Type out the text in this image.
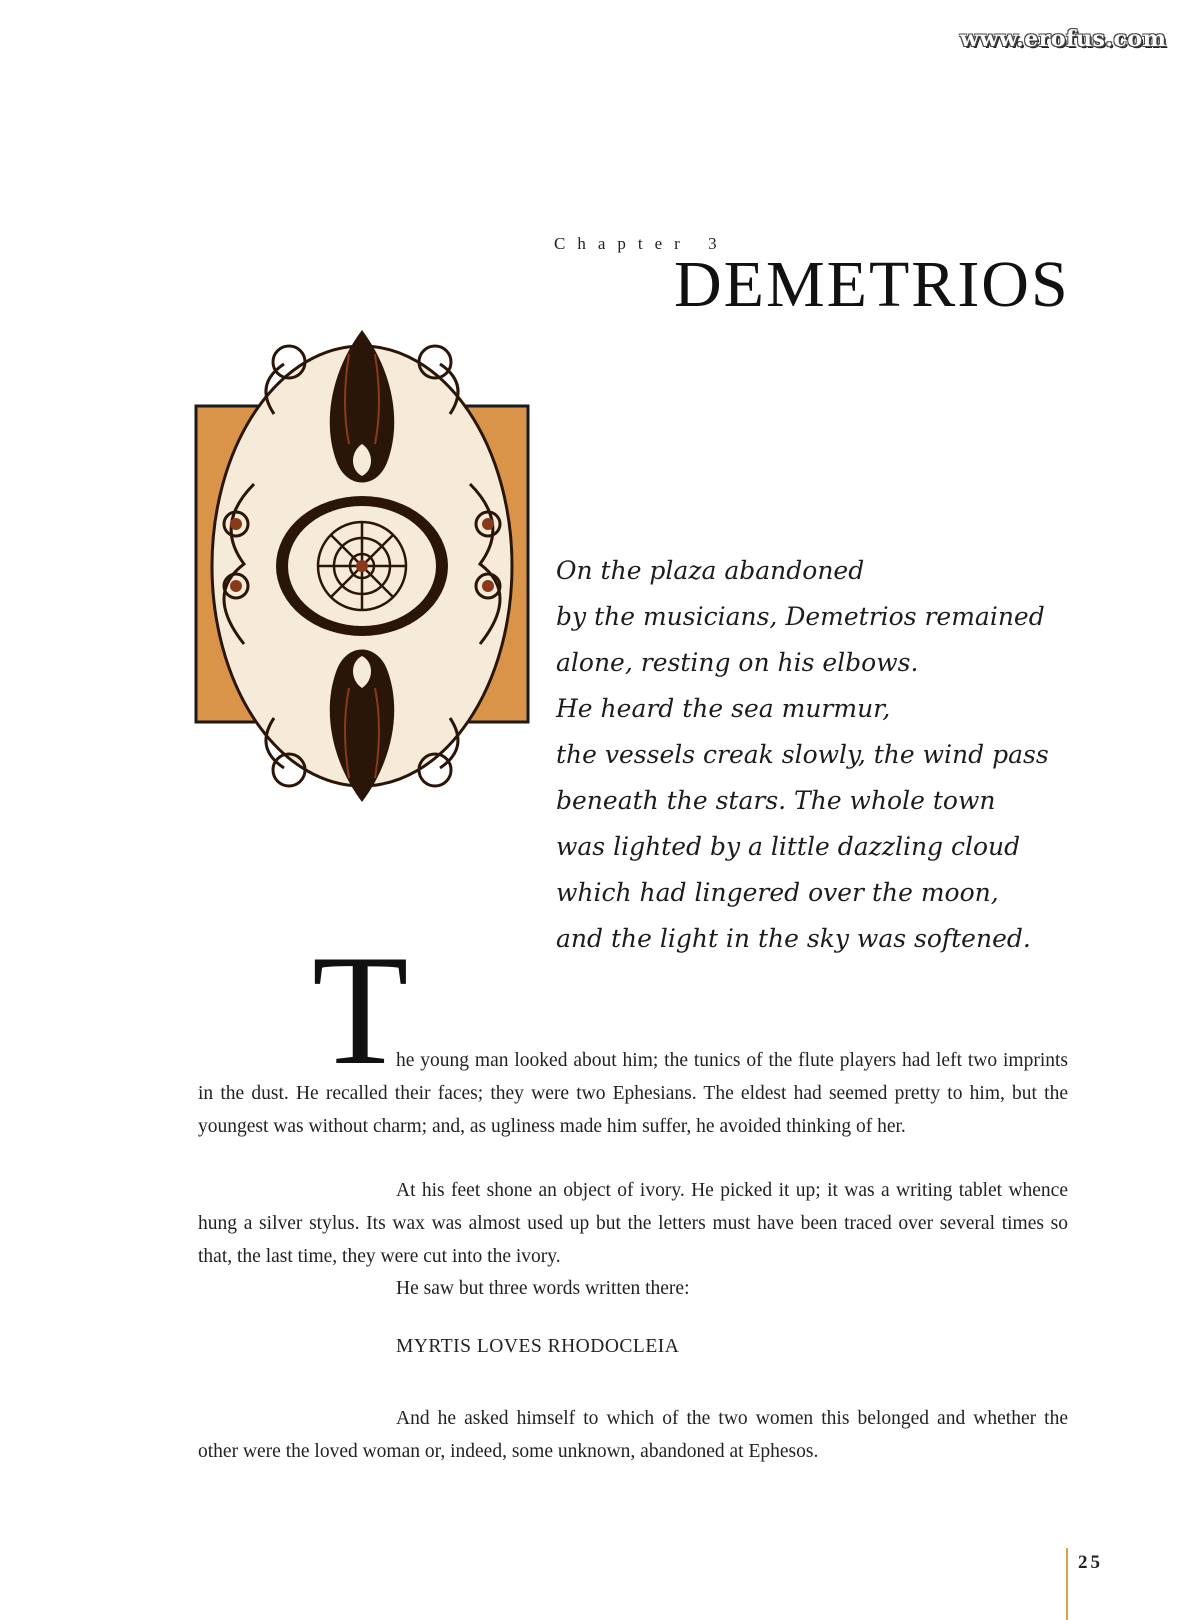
www.erofus.com
Chapter 3
DEMETRIOS
On the plaza abandoned
by the musicians, Demetrios remained
alone, resting on his elbows.
He heard the sea murmur,
the vessels creak slowly, the wind pass
beneath the stars. The whole town
was lighted by a little dazzling cloud
which had lingered over the moon,
and the light in the sky was softened.
T
he young man looked about him; the tunics of the flute players had left two imprints in the dust. He recalled their faces; they were two Ephesians. The eldest had seemed pretty to him, but the youngest was without charm; and, as ugliness made him suffer, he avoided thinking of her.
At his feet shone an object of ivory. He picked it up; it was a writing tablet whence hung a silver stylus. Its wax was almost used up but the letters must have been traced over several times so that, the last time, they were cut into the ivory.
He saw but three words written there:
MYRTIS LOVES RHODOCLEIA
And he asked himself to which of the two women this belonged and whether the other were the loved woman or, indeed, some unknown, abandoned at Ephesos.
25
